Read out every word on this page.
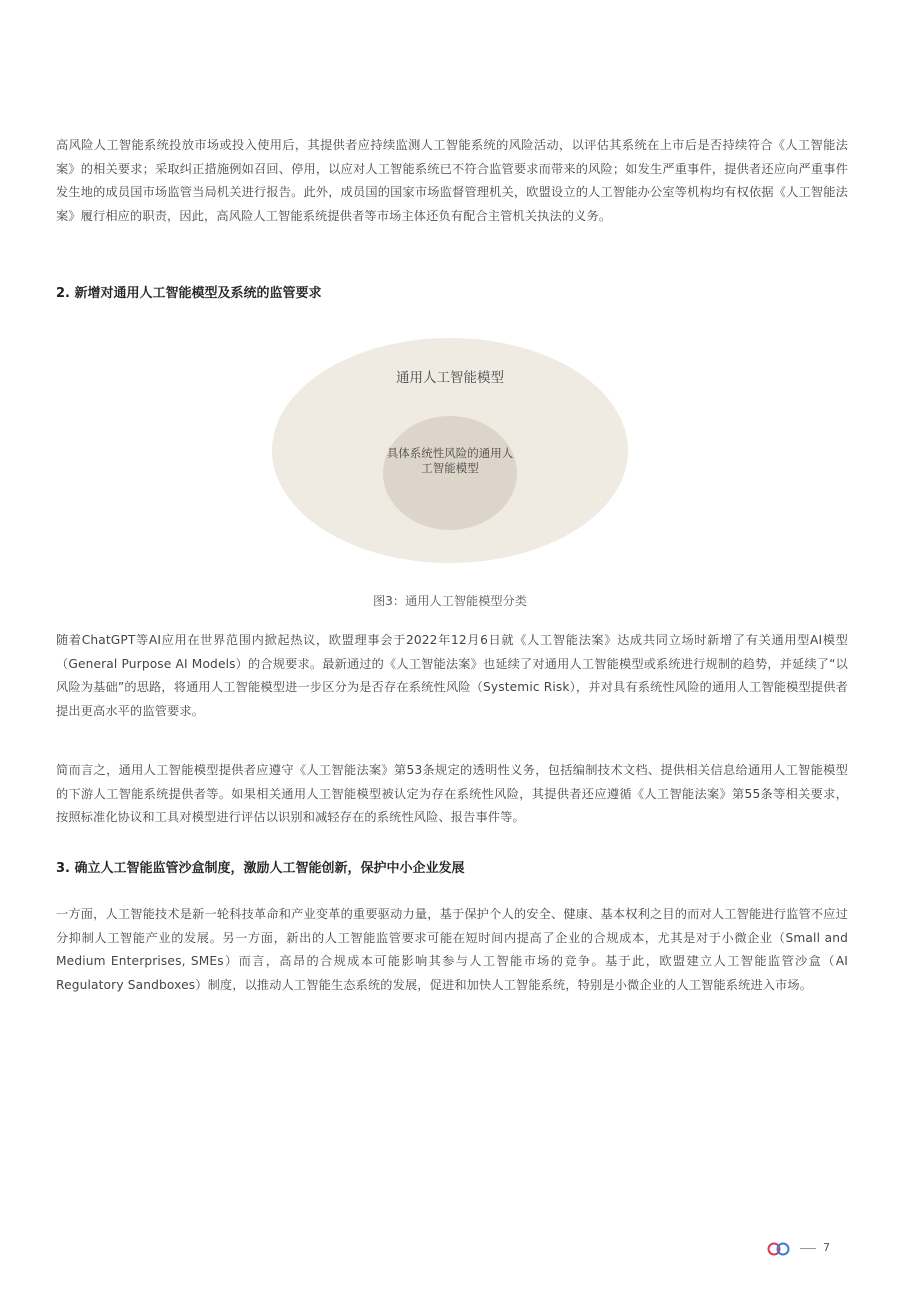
高风险人工智能系统投放市场或投入使用后，其提供者应持续监测人工智能系统的风险活动，以评估其系统在上市后是否持续符合《人工智能法案》的相关要求；采取纠正措施例如召回、停用，以应对人工智能系统已不符合监管要求而带来的风险；如发生严重事件，提供者还应向严重事件发生地的成员国市场监管当局机关进行报告。此外，成员国的国家市场监督管理机关，欧盟设立的人工智能办公室等机构均有权依据《人工智能法案》履行相应的职责，因此，高风险人工智能系统提供者等市场主体还负有配合主管机关执法的义务。

2. 新增对通用人工智能模型及系统的监管要求
通用人工智能模型
具体系统性风险的通用人工智能模型
图3：通用人工智能模型分类

随着ChatGPT等AI应用在世界范围内掀起热议，欧盟理事会于2022年12月6日就《人工智能法案》达成共同立场时新增了有关通用型AI模型（General Purpose AI Models）的合规要求。最新通过的《人工智能法案》也延续了对通用人工智能模型或系统进行规制的趋势，并延续了“以风险为基础”的思路，将通用人工智能模型进一步区分为是否存在系统性风险（Systemic Risk），并对具有系统性风险的通用人工智能模型提供者提出更高水平的监管要求。

简而言之，通用人工智能模型提供者应遵守《人工智能法案》第53条规定的透明性义务，包括编制技术文档、提供相关信息给通用人工智能模型的下游人工智能系统提供者等。如果相关通用人工智能模型被认定为存在系统性风险，其提供者还应遵循《人工智能法案》第55条等相关要求，按照标准化协议和工具对模型进行评估以识别和减轻存在的系统性风险、报告事件等。

3. 确立人工智能监管沙盒制度，激励人工智能创新，保护中小企业发展

一方面，人工智能技术是新一轮科技革命和产业变革的重要驱动力量，基于保护个人的安全、健康、基本权利之目的而对人工智能进行监管不应过分抑制人工智能产业的发展。另一方面，新出的人工智能监管要求可能在短时间内提高了企业的合规成本，尤其是对于小微企业（Small and Medium Enterprises, SMEs）而言，高昂的合规成本可能影响其参与人工智能市场的竞争。基于此，欧盟建立人工智能监管沙盒（AI Regulatory Sandboxes）制度，以推动人工智能生态系统的发展，促进和加快人工智能系统，特别是小微企业的人工智能系统进入市场。

7
